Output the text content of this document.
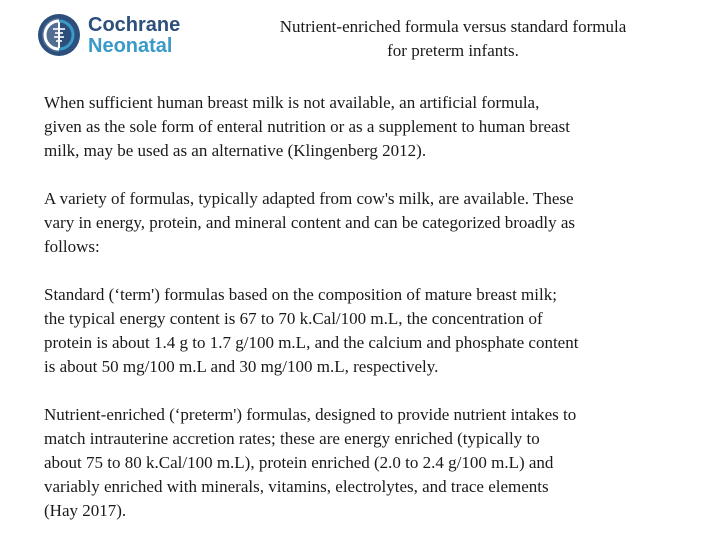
Cochrane
Neonatal
Nutrient-enriched formula versus standard formula
for preterm infants.

When sufficient human breast milk is not available, an artificial formula,
given as the sole form of enteral nutrition or as a supplement to human breast
milk, may be used as an alternative (Klingenberg 2012).

A variety of formulas, typically adapted from cow's milk, are available. These
vary in energy, protein, and mineral content and can be categorized broadly as
follows:

Standard (‘term') formulas based on the composition of mature breast milk;
the typical energy content is 67 to 70 k.Cal/100 m.L, the concentration of
protein is about 1.4 g to 1.7 g/100 m.L, and the calcium and phosphate content
is about 50 mg/100 m.L and 30 mg/100 m.L, respectively.

Nutrient-enriched (‘preterm') formulas, designed to provide nutrient intakes to
match intrauterine accretion rates; these are energy enriched (typically to
about 75 to 80 k.Cal/100 m.L), protein enriched (2.0 to 2.4 g/100 m.L) and
variably enriched with minerals, vitamins, electrolytes, and trace elements
(Hay 2017).
